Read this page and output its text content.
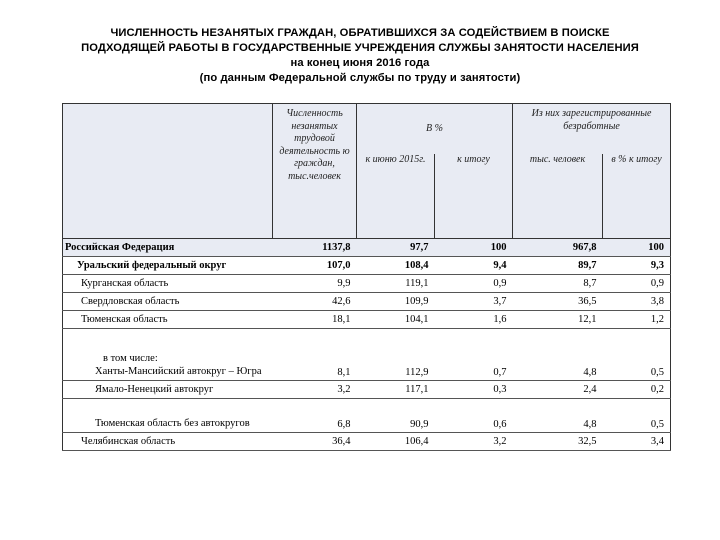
ЧИСЛЕННОСТЬ НЕЗАНЯТЫХ ГРАЖДАН, ОБРАТИВШИХСЯ ЗА СОДЕЙСТВИЕМ В ПОИСКЕ
ПОДХОДЯЩЕЙ РАБОТЫ В ГОСУДАРСТВЕННЫЕ УЧРЕЖДЕНИЯ СЛУЖБЫ ЗАНЯТОСТИ НАСЕЛЕНИЯ
на конец июня 2016 года
(по данным Федеральной службы по труду и занятости)
	Численность незанятых трудовой деятельность ю граждан, тыс.человек	В %		Из них зарегистрированные безработные	
		к июню 2015г.	к итогу	тыс. человек	в % к итогу
Российская Федерация	1137,8	97,7	100	967,8	100
Уральский федеральный округ	107,0	108,4	9,4	89,7	9,3
Курганская область	9,9	119,1	0,9	8,7	0,9
Свердловская область	42,6	109,9	3,7	36,5	3,8
Тюменская область	18,1	104,1	1,6	12,1	1,2

в том числе:
Ханты-Мансийский автокруг – Югра	8,1	112,9	0,7	4,8	0,5
Ямало-Ненецкий автокруг	3,2	117,1	0,3	2,4	0,2
Тюменская область без автокругов	6,8	90,9	0,6	4,8	0,5
Челябинская область	36,4	106,4	3,2	32,5	3,4
